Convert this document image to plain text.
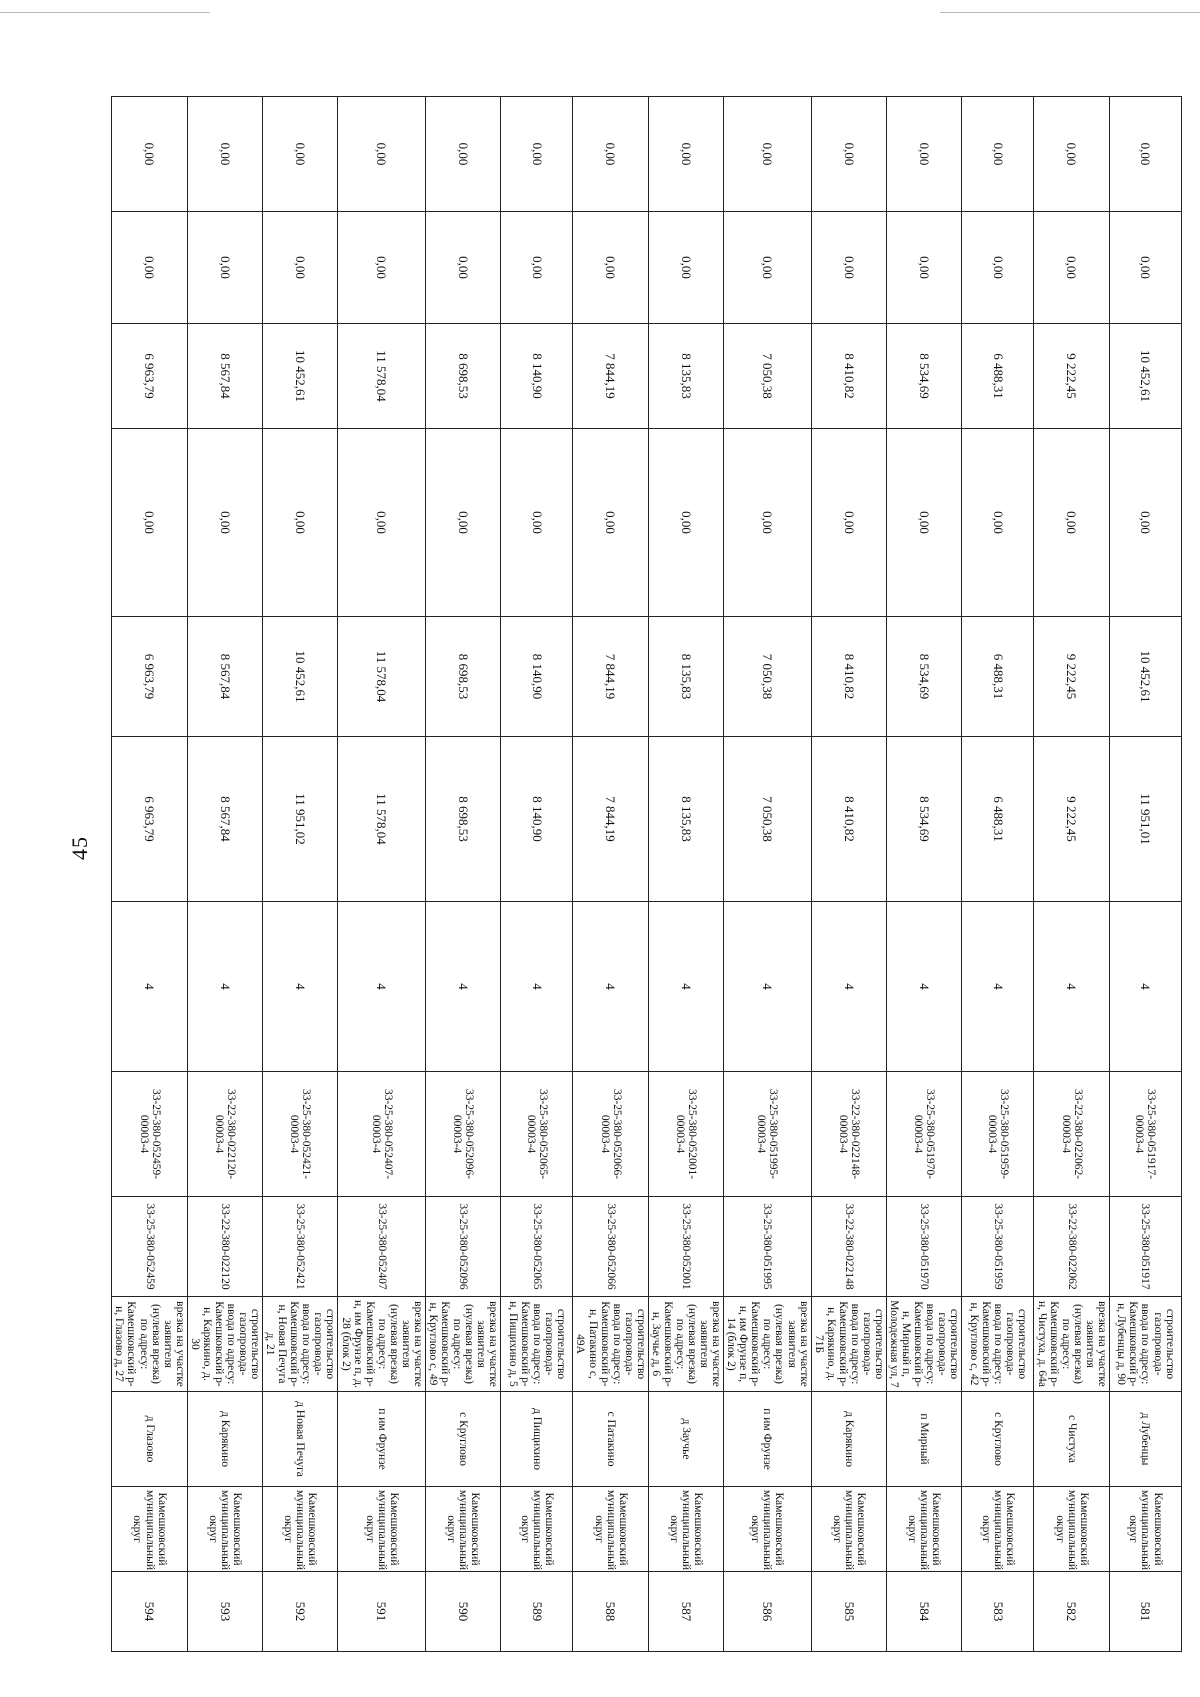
45
0,00	0,00	10 452,61	0,00	10 452,61	11 951,01	4	33-25-380-051917-00003-4	33-25-380-051917	строительство газопровода-ввода по адресу: Камешковский р-н, Лубенцы д, 90	д Лубенцы	Камешковский муниципальный округ	581
0,00	0,00	9 222,45	0,00	9 222,45	9 222,45	4	33-22-380-022062-00003-4	33-22-380-022062	врезка на участке заявителя (нулевая врезка) по адресу: Камешковский р-н, Чистуха, д. 64а	с Чистуха	Камешковский муниципальный округ	582
0,00	0,00	6 488,31	0,00	6 488,31	6 488,31	4	33-25-380-051959-00003-4	33-25-380-051959	строительство газопровода-ввода по адресу: Камешковский р-н, Круглово с, 42	с Круглово	Камешковский муниципальный округ	583
0,00	0,00	8 534,69	0,00	8 534,69	8 534,69	4	33-25-380-051970-00003-4	33-25-380-051970	строительство газопровода-ввода по адресу: Камешковский р-н, Мирный п, Молодежная ул, 7	п Мирный	Камешковский муниципальный округ	584
0,00	0,00	8 410,82	0,00	8 410,82	8 410,82	4	33-22-380-022148-00003-4	33-22-380-022148	строительство газопровода-ввода по адресу: Камешковский р-н, Карякино, д. 71Б	д Карякино	Камешковский муниципальный округ	585
0,00	0,00	7 050,38	0,00	7 050,38	7 050,38	4	33-25-380-051995-00003-4	33-25-380-051995	врезка на участке заявителя (нулевая врезка) по адресу: Камешковский р-н, им Фрунзе п, 14 (блок 2)	п им Фрунзе	Камешковский муниципальный округ	586
0,00	0,00	8 135,83	0,00	8 135,83	8 135,83	4	33-25-380-052001-00003-4	33-25-380-052001	врезка на участке заявителя (нулевая врезка) по адресу: Камешковский р-н, Заучье д, 6	д Заучье	Камешковский муниципальный округ	587
0,00	0,00	7 844,19	0,00	7 844,19	7 844,19	4	33-25-380-052066-00003-4	33-25-380-052066	строительство газопровода-ввода по адресу: Камешковский р-н, Патакино с, 49А	с Патакино	Камешковский муниципальный округ	588
0,00	0,00	8 140,90	0,00	8 140,90	8 140,90	4	33-25-380-052065-00003-4	33-25-380-052065	строительство газопровода-ввода по адресу: Камешковский р-н, Пищихино д, 5	д Пищихино	Камешковский муниципальный округ	589
0,00	0,00	8 698,53	0,00	8 698,53	8 698,53	4	33-25-380-052096-00003-4	33-25-380-052096	врезка на участке заявителя (нулевая врезка) по адресу: Камешковский р-н, Круглово с, 49	с Круглово	Камешковский муниципальный округ	590
0,00	0,00	11 578,04	0,00	11 578,04	11 578,04	4	33-25-380-052407-00003-4	33-25-380-052407	врезка на участке заявителя (нулевая врезка) по адресу: Камешковский р-н, им Фрунзе п, д. 28 (блок 2)	п им Фрунзе	Камешковский муниципальный округ	591
0,00	0,00	10 452,61	0,00	10 452,61	11 951,02	4	33-25-380-052421-00003-4	33-25-380-052421	строительство газопровода-ввода по адресу: Камешковский р-н, Новая Печуга д, 21	д Новая Печуга	Камешковский муниципальный округ	592
0,00	0,00	8 567,84	0,00	8 567,84	8 567,84	4	33-22-380-022120-00003-4	33-22-380-022120	строительство газопровода-ввода по адресу: Камешковский р-н, Карякино, д. 30	д Карякино	Камешковский муниципальный округ	593
0,00	0,00	6 963,79	0,00	6 963,79	6 963,79	4	33-25-380-052459-00003-4	33-25-380-052459	врезка на участке заявителя (нулевая врезка) по адресу: Камешковский р-н, Глазово д, 27	д Глазово	Камешковский муниципальный округ	594
